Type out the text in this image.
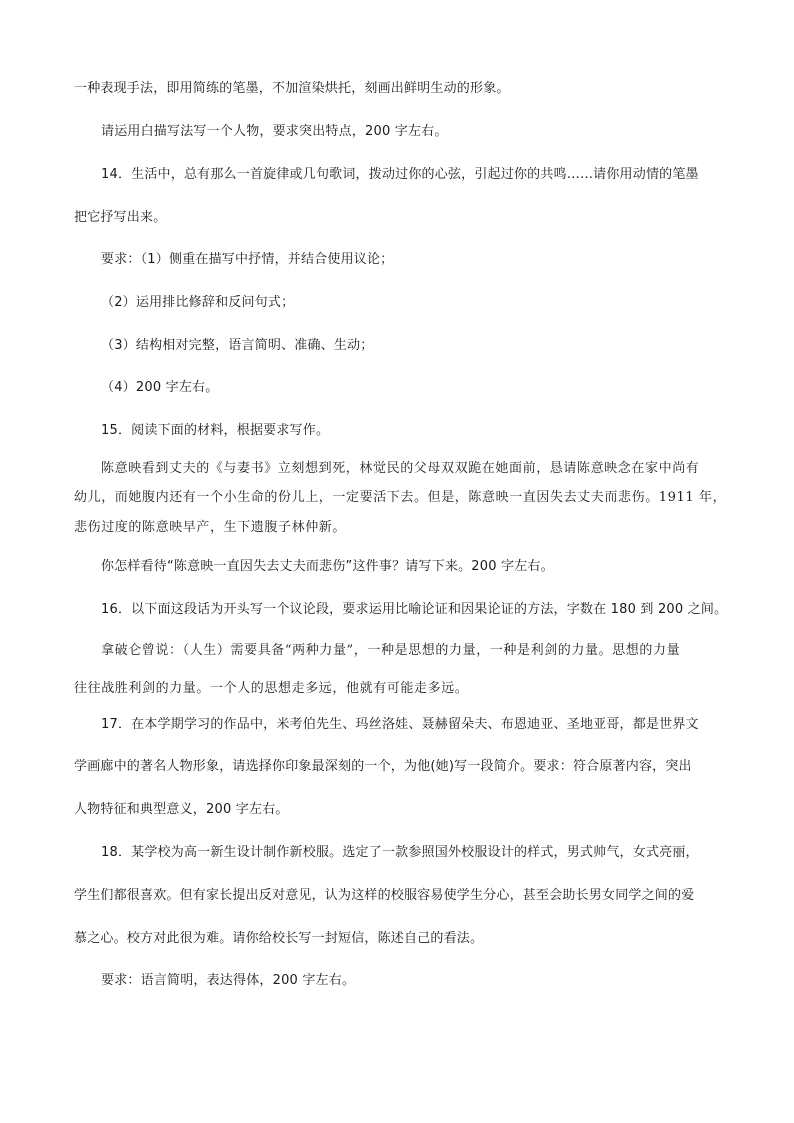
一种表现手法，即用简练的笔墨，不加渲染烘托，刻画出鲜明生动的形象。

请运用白描写法写一个人物，要求突出特点，200 字左右。

14．生活中，总有那么一首旋律或几句歌词，拨动过你的心弦，引起过你的共鸣……请你用动情的笔墨

把它抒写出来。

要求：（1）侧重在描写中抒情，并结合使用议论；

（2）运用排比修辞和反问句式；

（3）结构相对完整，语言简明、准确、生动；

（4）200 字左右。

15．阅读下面的材料，根据要求写作。

陈意映看到丈夫的《与妻书》立刻想到死，林觉民的父母双双跪在她面前，恳请陈意映念在家中尚有

幼儿，而她腹内还有一个小生命的份儿上，一定要活下去。但是，陈意映一直因失去丈夫而悲伤。1911 年，

悲伤过度的陈意映早产，生下遗腹子林仲新。

你怎样看待“陈意映一直因失去丈夫而悲伤”这件事？请写下来。200 字左右。

16．以下面这段话为开头写一个议论段，要求运用比喻论证和因果论证的方法，字数在 180 到 200 之间。

拿破仑曾说：（人生）需要具备“两种力量”，一种是思想的力量，一种是利剑的力量。思想的力量

往往战胜利剑的力量。一个人的思想走多远，他就有可能走多远。

17．在本学期学习的作品中，米考伯先生、玛丝洛娃、聂赫留朵夫、布恩迪亚、圣地亚哥，都是世界文

学画廊中的著名人物形象，请选择你印象最深刻的一个，为他(她)写一段简介。要求：符合原著内容，突出

人物特征和典型意义，200 字左右。

18．某学校为高一新生设计制作新校服。选定了一款参照国外校服设计的样式，男式帅气，女式亮丽，

学生们都很喜欢。但有家长提出反对意见，认为这样的校服容易使学生分心，甚至会助长男女同学之间的爱

慕之心。校方对此很为难。请你给校长写一封短信，陈述自己的看法。

要求：语言简明，表达得体，200 字左右。
